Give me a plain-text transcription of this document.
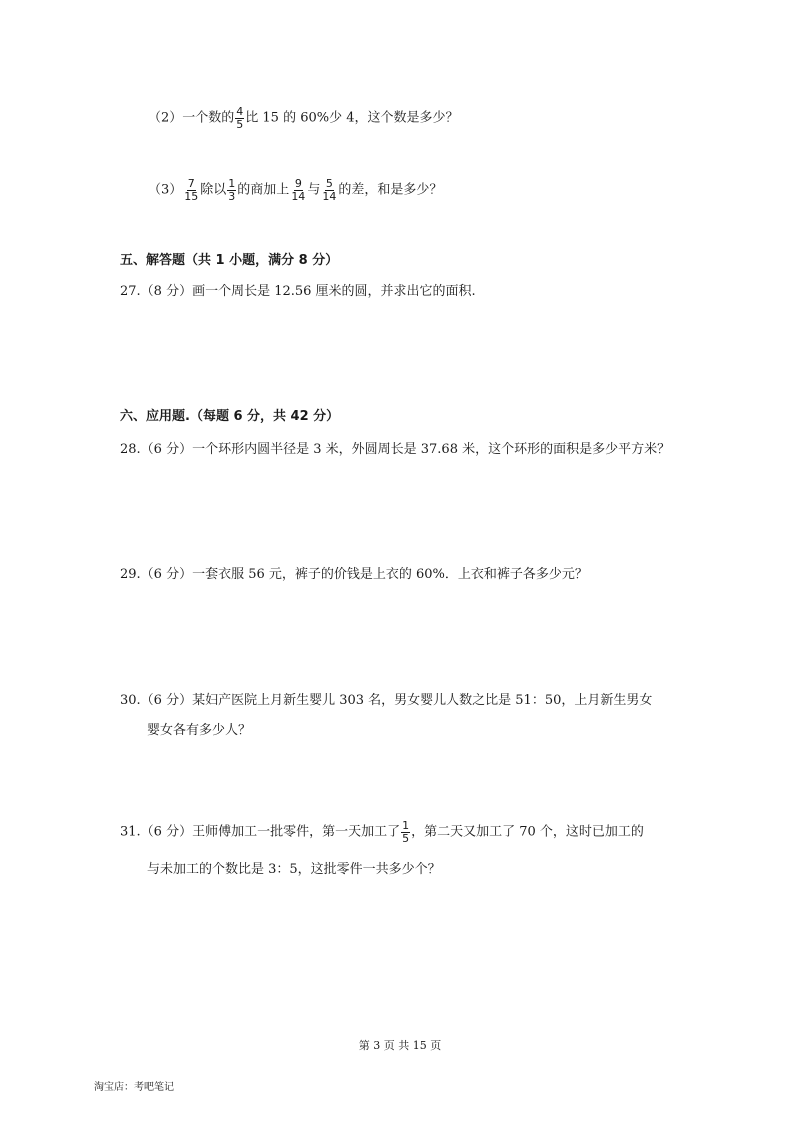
（2）一个数的 $\frac{4}{5}$ 比 15 的 60%少 4，这个数是多少？
$(3) \frac{7}{15}$ 除以 $\frac{1}{3}$ 的商加上 $\frac{9}{14}$ 与 $\frac{5}{14}$ 的差，和是多少？
五、解答题（共 1 小题，满分 8 分）
27.（8 分）画一个周长是 12.56 厘米的圆，并求出它的面积.
六、应用题.（每题 6 分，共 42 分）
28.（6 分）一个环形内圆半径是 3 米，外圆周长是 37.68 米，这个环形的面积是多少平方米？
29.（6 分）一套衣服 56 元，裤子的价钱是上衣的 60%．上衣和裤子各多少元？
30.（6 分）某妇产医院上月新生婴儿 303 名，男女婴儿人数之比是 51：50，上月新生男女
婴女各有多少人？
31.（6 分）王师傅加工一批零件，第一天加工了 $\frac{1}{5}$ ，第二天又加工了 70 个，这时已加工的
与未加工的个数比是 3：5，这批零件一共多少个？
第 3 页 共 15 页
淘宝店：考吧笔记
